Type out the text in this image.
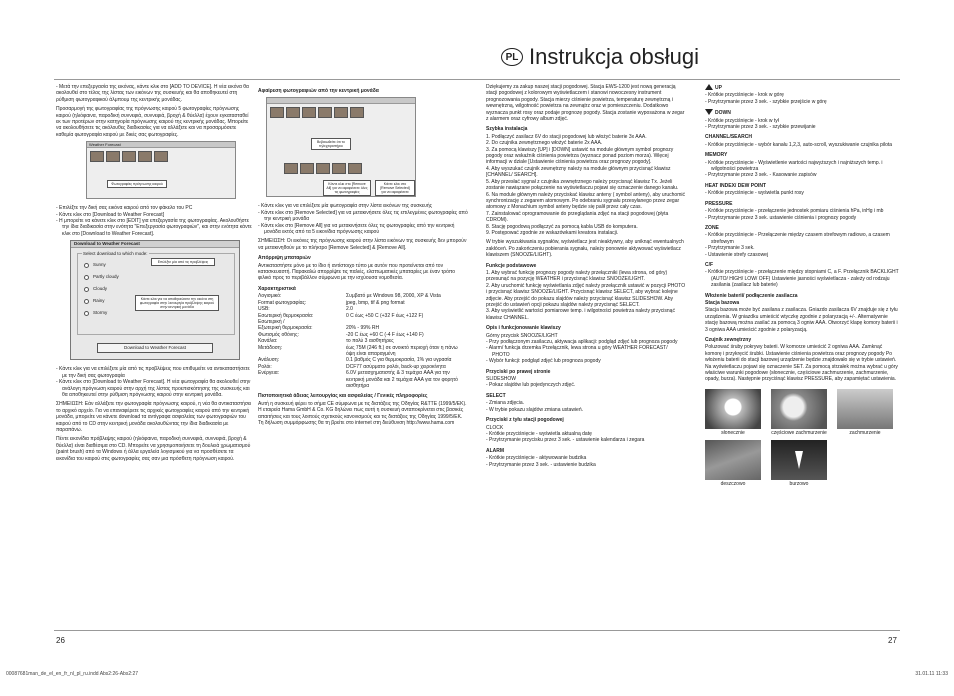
26	27
00087681man_de_el_en_fr_nl_pl_ru.indd Abs2:26-Abs2:27	31.01.11 11:33
PL Instrukcja obsługi

- Μετά την επεξεργασία της εικόνας, κάντε κλικ στο [ADD TO DEVICE]. Η νέα εικόνα θα ακολουθεί στο τέλος της λίστας των εικόνων της συσκευής και θα αποθηκευτεί στη ρύθμιση φωτογραφικού άλμπουμ της κεντρικής μονάδας.

Προσαρμογή της φωτογραφίας της πρόγνωσης καιρού 5 φωτογραφίες πρόγνωσης καιρού (ηλιόφαινα, παροδική συννεφιά, συννεφιά, βροχή & θύελλα) έχουν εγκατασταθεί εκ των προτέρων στην κατηγορία πρόγνωσης καιρού της κεντρικής μονάδας. Μπορείτε να ακολουθήσετε τις ακόλουθες διαδικασίες για να αλλάξετε και να προσαρμόσετε καθεμία φωτογραφία καιρού με δικές σας φωτογραφίες.

Weather Forecast
Φωτογραφίες πρόγνωσης καιρού
- Επιλέξτε την δική σας εικόνα καιρού από τον φάκελο του PC
- Κάντε κλικ στο [Download to Weather Forecast]
- Η μπορείτε να κάνετε κλικ στο [EDIT] για επεξεργασία της φωτογραφίας. Ακολουθήστε την ίδια διαδικασία στην ενότητα "Επεξεργασία φωτογραφιών", και στην ενότητα κάντε κλικ στο [Download to Weather Forecast].
Download to Weather Forecast
Select download to which mode:
Sunny
Partly cloudy
Cloudy
Rainy
Stormy
Download to Weather Forecast
Επιλέξτε μία από τις προβλέψεις
Κάντε κλικ για να αποθηκεύσετε την εικόνα στη φωτογραφία στην λειτουργία πρόβλεψης καιρού στην κεντρική μονάδα
- Κάντε κλικ για να επιλέξετε μία από τις προβλέψεις που επιθυμείτε να αντικαταστήσετε με την δική σας φωτογραφία
- Κάντε κλικ στο [Download to Weather Forecast]. Η νέα φωτογραφία θα ακολουθεί στην ανάλογη πρόγνωση καιρού στην αρχή της λίστας προεπισκόπησης της συσκευής και θα αποθηκευτεί στην ρύθμιση πρόγνωσης καιρού στην κεντρική μονάδα.

ΣΗΜΕΙΩΣΗ: Εάν αλλάξετε την φωτογραφία πρόγνωσης καιρού, η νέα θα αντικαταστήσει το αρχικό αρχείο. Για να επαναφέρετε τις αρχικές φωτογραφίες καιρού από την κεντρική μονάδα, μπορείτε να κάνετε download τα αντίγραφα ασφαλείας των φωτογραφιών του καιρού από το CD στην κεντρική μονάδα ακολουθώντας την ίδια διαδικασία με παραπάνω.

Πέντε εικονίδια πρόβλεψης καιρού (ηλιόφαινα, παροδική συννεφιά, συννεφιά, βροχή & θύελλα) είναι διαθέσιμα στο CD. Μπορείτε να χρησιμοποιήσετε τη δουλειά χρωματισμού (paint brush) από τα Windows ή άλλα εργαλεία λογισμικού για να προσθέσετε τα εικονίδια του καιρού στις φωτογραφίες σας σαν μια πρόσθετη πρόγνωση καιρού.

Αφαίρεση φωτογραφιών από την κεντρική μονάδα
Βεβαιωθείτε ότι το τηλεχειριστήριο
Κάντε κλικ στο [Remove All] για να αφαιρέσετε όλες τις φωτογραφίες
Κάντε κλικ στο [Remove Selected] για να αφαιρέσετε
- Κάντε κλικ για να επιλέξετε μία φωτογραφία στην λίστα εικόνων της συσκευής
- Κάντε κλικ στο [Remove Selected] για να μετακινήσετε όλες τις επιλεγμένες φωτογραφίες από την κεντρική μονάδα
- Κάντε κλικ στο [Remove All] για να μετακινήσετε όλες τις φωτογραφίες από την κεντρική μονάδα εκτός από τα 5 εικονίδια πρόγνωσης καιρού

ΣΗΜΕΙΩΣΗ: Οι εικόνες της πρόγνωσης καιρού στην λίστα εικόνων της συσκευής δεν μπορούν να μετακινηθούν με το πλήκτρο [Remove Selected] & [Remove All].

Απόρριψη μπαταριών

Αντικαταστήστε μόνο με το ίδιο ή αντίστοιχο τύπο με αυτόν που προτείνεται από τον κατασκευαστή. Παρακαλώ απορρίψτε τις παλιές, ελαττωματικές μπαταρίες με έναν τρόπο φιλικό προς το περιβάλλον σύμφωνα με την ισχύουσα νομοθεσία.

Χαρακτηριστικά
Λογισμικό:	Συμβατό με Windows 98, 2000, XP & Vista
Format φωτογραφίας:	jpeg, bmp, tif & png format
USB:	2.0
Εσωτερική θερμοκρασία:	0 C έως +50 C (+32 F έως +122 F)
Εσωτερική /
Εξωτερική θερμοκρασία:	20% - 99% RH
Φωτισμός οθόνης:	-20 C έως +60 C (-4 F έως +140 F)
Κανάλια:	το πολύ 3 αισθητήρες
Μετάδοση:	έως 75M (246 ft.) σε ανοικτό περιοχή όταν η πάνω όψη είναι απαραγμένη
Ανάλυση:	0.1 βαθμός C για θερμοκρασία, 1% για υγρασία
Ρολόι:	DCF77 ασύρματο ρολόι, back-up χειροκίνητα
Ενέργεια:	6.0V μετασχηματιστής & 3 τεμάχια AAA για την κεντρική μονάδα και 2 τεμάχια AAA για τον φορητό αισθητήρα
Πιστοποιητικά άδειας λειτουργίας και ασφαλείας / Γενικές πληροφορίες

Αυτή η συσκευή φέρει το σήμα CE σύμφωνα με τις διατάξεις της Οδηγίας R&TTE (1999/5/ΕΚ). Η εταιρεία Hama GmbH & Co. KG δηλώνει πως αυτή η συσκευή ανταποκρίνεται στις βασικές απαιτήσεις και τους λοιπούς σχετικούς κανονισμούς και τις διατάξεις της Οδηγίας 1999/5/ΕΚ. Τη δήλωση συμμόρφωσης θα τη βρείτε στο internet στη διεύθυνση http://www.hama.com

Dziękujemy za zakup naszej stacji pogodowej. Stacja EWS-1200 jest nową generacją stacji pogodowej z kolorowym wyświetlaczem i stanowi nowoczesny instrument prognozowania pogody. Stacja mierzy ciśnienie powietrza, temperaturę zewnętrzną i wewnętrzną, wilgotność powietrza na zewnątrz oraz w pomieszczeniu. Dodatkowo wyznacza punkt rosy oraz podaje prognozę pogody. Stacja zostanie wyposażona w zegar z alarmem oraz cyfrowy album zdjęć.

Szybka instalacja
1. Podłączyć zasilacz 6V do stacji pogodowej lub włożyć baterie 3x AAA.
2. Do czujnika zewnętrznego włożyć baterie 2x AAA.
3. Za pomocą klawiszy [UP] i [DOWN] ustawić na module głównym symbol prognozy pogody oraz wskaźnik ciśnienia powietrza (wyznacz ponad poziom morza). Więcej informacji w dziale [Ustawienie ciśnienia powietrza oraz prognozy pogody].
4. Aby wyszukać czujnik zewnętrzny należy na module głównym przycisnąć klawisz [CHANNEL/ SEARCH].
5. Aby przesłać sygnał z czujnika zewnętrznego należy przycisnąć klawisz Tx. Jeżeli zostanie nawiązane połączenie na wyświetlaczu pojawi się oznaczenie danego kanału.
6. Na module głównym należy przyciskać klawisz anteny ( symbol anteny), aby uruchomić synchronizację z zegarem atomowym. Po odebraniu sygnału przesyłanego przez zegar atomowy z Monachium symbol anteny będzie się palił przez cały czas.
7. Zainstalować oprogramowanie do przeglądania zdjęć na stacji pogodowej (płyta CDROM).
8. Stację pogodową podłączyć za pomocą kabla USB do komputera.
9. Postępować zgodnie ze wskazówkami kreatora instalacji.

W trybie wyszukiwania sygnałów, wyświetlacz jest nieaktywny, aby uniknąć ewentualnych zakłóceń. Po zakończeniu pobierania sygnału, należy ponownie aktywować wyświetlacz klawiszem (SNOOZE/LIGHT).

Funkcje podstawowe
1. Aby wybrać funkcję prognozy pogody należy przełączniki (lewa strona, od góry) przesunąć na pozycję WEATHER i przycisnąć klawisz SNOOZE/LIGHT.
2. Aby uruchomić funkcję wyświetlania zdjęć należy przełącznik ustawić w pozycji PHOTO i przycisnąć klawisz SNOOZE/LIGHT. Przycisnąć klawisz SELECT, aby wybrać kolejne zdjęcie. Aby przejść do pokazu slajdów należy przycisnąć klawisz SLIDESHOW. Aby przejść do ustawień opcji pokazu slajdów należy przycisnąć SELECT.
3. Aby wyświetlić wartości pomiarowe temp. i wilgotności powietrza należy przycisnąć klawisz CHANNEL.
Opis i funkcjonowanie klawiszy
Górny przycisk SNOOZE/LIGHT
- Przy podłączonym zasilaczu, aktywacja aplikacji: podgląd zdjęć lub prognoza pogody
- Alarm/ funkcja drzemka Przełącznik, lewa strona u góry WEATHER FORECAST/ PHOTO
- Wybór funkcji: podgląd zdjęć lub prognoza pogody
Przyciski po prawej stronie
SLIDESHOW
- Pokaz slajdów lub pojedynczych zdjęć.
SELECT
- Zmiana zdjęcia.
- W trybie pokazu slajdów zmiana ustawień.
Przyciski z tyłu stacji pogodowej
CLOCK
- Krótkie przyciśnięcie - wyświetla aktualną datę
- Przytrzymanie przycisku przez 3 sek. - ustawienie kalendarza i zegara
ALARM
- Krótkie przyciśnięcie - aktywowanie budzika
- Przytrzymanie przez 3 sek. - ustawienie budzika
UP
- Krótkie przyciśnięcie - krok w górę
- Przytrzymanie przez 3 sek. - szybkie przejście w górę
DOWN
- Krótkie przyciśnięcie - krok w tył
- Przytrzymanie przez 3 sek. - szybkie przewijanie
CHANNEL/SEARCH
- Krótkie przyciśnięcie - wybór kanału 1,2,3, auto-scroll, wyszukiwanie czujnika pilota
MEMORY
- Krótkie przyciśnięcie - Wyświetlenie wartości najwyższych i najniższych temp. i wilgotności powietrza
- Przytrzymanie przez 3 sek. - Kasowanie zapisów
HEAT INDEX/ DEW POINT
- Krótkie przyciśnięcie - wyświetla punkt rosy
PRESSURE
- Krótkie przyciśnięcie - przełączenie jednostek pomiaru ciśnienia hPa, inHg i mb
- Przytrzymanie przez 3 sek. ustawienie ciśnienia i prognozy pogody
ZONE
- Krótkie przyciśnięcie - Przełączenie między czasem strefowym radiowo, a czasem strefowym
- Przytrzymanie 3 sek.
- Ustawienie strefy czasowej
C/F
- Krótkie przyciśnięcie - przełączenie między stopniami C, a F. Przełącznik BACKLIGHT (AUTO/ HIGH/ LOW/ OFF) Ustawienie jasności wyświetlacza - zależy od rodzaju zasilania (zasilacz lub baterie)
Włożenie baterii/ podłączenie zasilacza
Stacja bazowa

Stacja bazowa może być zasilana z zasilacza. Gniazdo zasilacza 6V znajduje się z tyłu urządzenia. W gniazdku umieścić wtyczkę zgodnie z polaryzacją +/-. Alternatywnie stację bazową można zasilać za pomocą 3 ogniw AAA. Otworzyć klapę komory baterii i 3 ogniwa AAA umieścić zgodnie z polaryzacją.

Czujnik zewnętrzny

Poluzować śruby pokrywy baterii. W komorze umieścić 2 ogniwa AAA. Zamknąć komorę i przykręcić śrubki. Ustawienie ciśnienia powietrza oraz prognozy pogody Po włożeniu baterii do stacji bazowej urządzenie będzie znajdowało się w trybie ustawień. Na wyświetlaczu pojawi się oznaczenie SET. Za pomocą strzałek można wybrać u góry właściwe warunki pogodowe (słonecznie, częściowe zachmurzenie, zachmurzenie, opady, burza). Następnie przyciśnąć klawisz PRESSURE, aby zapamiętać ustawienia.

słonecznie	częściowe zachmurzenie	zachmurzenie
deszczowo	burzowo
